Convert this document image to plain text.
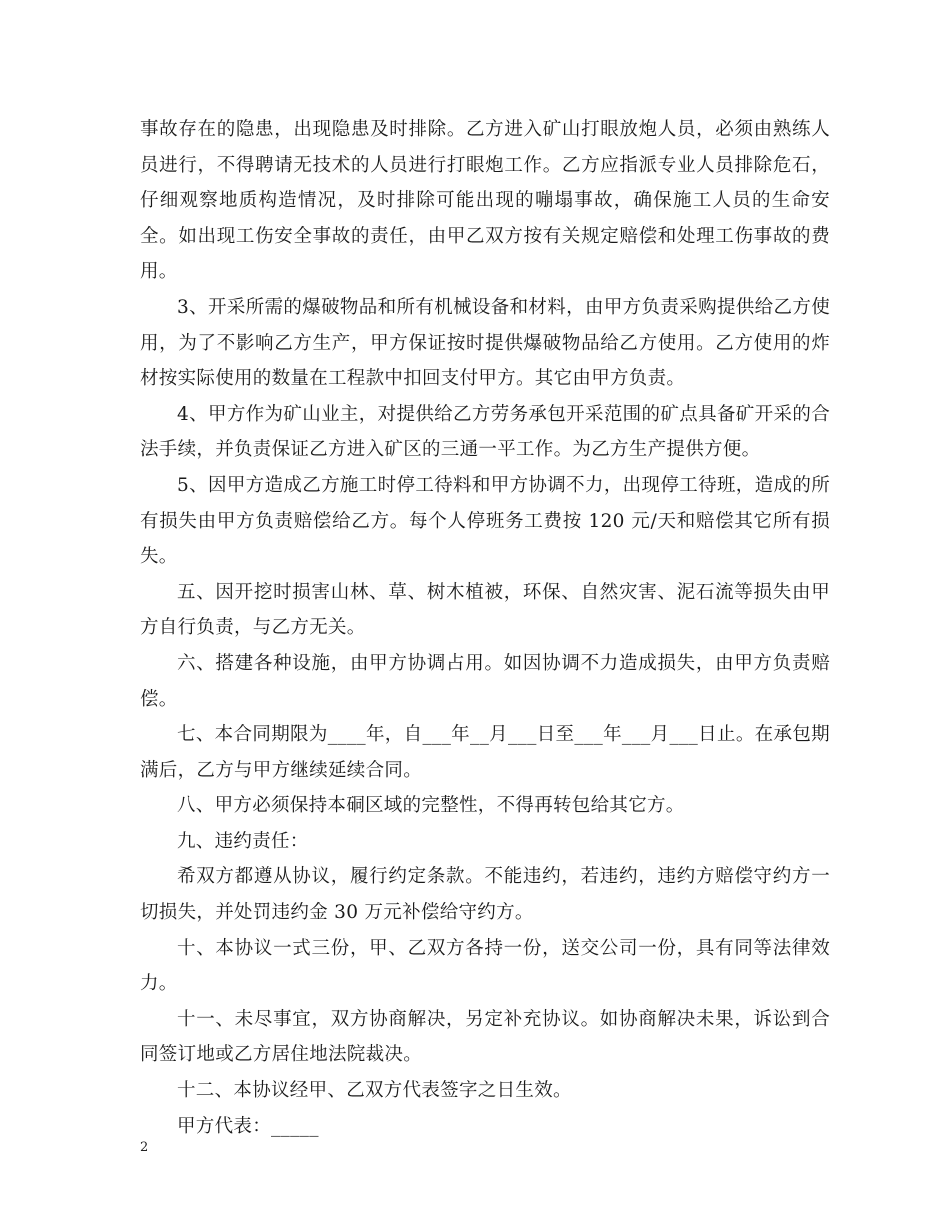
事故存在的隐患，出现隐患及时排除。乙方进入矿山打眼放炮人员，必须由熟练人员进行，不得聘请无技术的人员进行打眼炮工作。乙方应指派专业人员排除危石，仔细观察地质构造情况，及时排除可能出现的嘣塌事故，确保施工人员的生命安全。如出现工伤安全事故的责任，由甲乙双方按有关规定赔偿和处理工伤事故的费用。

3、开采所需的爆破物品和所有机械设备和材料，由甲方负责采购提供给乙方使用，为了不影响乙方生产，甲方保证按时提供爆破物品给乙方使用。乙方使用的炸材按实际使用的数量在工程款中扣回支付甲方。其它由甲方负责。

4、甲方作为矿山业主，对提供给乙方劳务承包开采范围的矿点具备矿开采的合法手续，并负责保证乙方进入矿区的三通一平工作。为乙方生产提供方便。

5、因甲方造成乙方施工时停工待料和甲方协调不力，出现停工待班，造成的所有损失由甲方负责赔偿给乙方。每个人停班务工费按 120 元/天和赔偿其它所有损失。

五、因开挖时损害山林、草、树木植被，环保、自然灾害、泥石流等损失由甲方自行负责，与乙方无关。

六、搭建各种设施，由甲方协调占用。如因协调不力造成损失，由甲方负责赔偿。

七、本合同期限为____年，自___年__月___日至___年___月___日止。在承包期满后，乙方与甲方继续延续合同。

八、甲方必须保持本硐区域的完整性，不得再转包给其它方。

九、违约责任：

希双方都遵从协议，履行约定条款。不能违约，若违约，违约方赔偿守约方一切损失，并处罚违约金 30 万元补偿给守约方。

十、本协议一式三份，甲、乙双方各持一份，送交公司一份，具有同等法律效力。

十一、未尽事宜，双方协商解决，另定补充协议。如协商解决未果，诉讼到合同签订地或乙方居住地法院裁决。

十二、本协议经甲、乙双方代表签字之日生效。

甲方代表：_____

2
